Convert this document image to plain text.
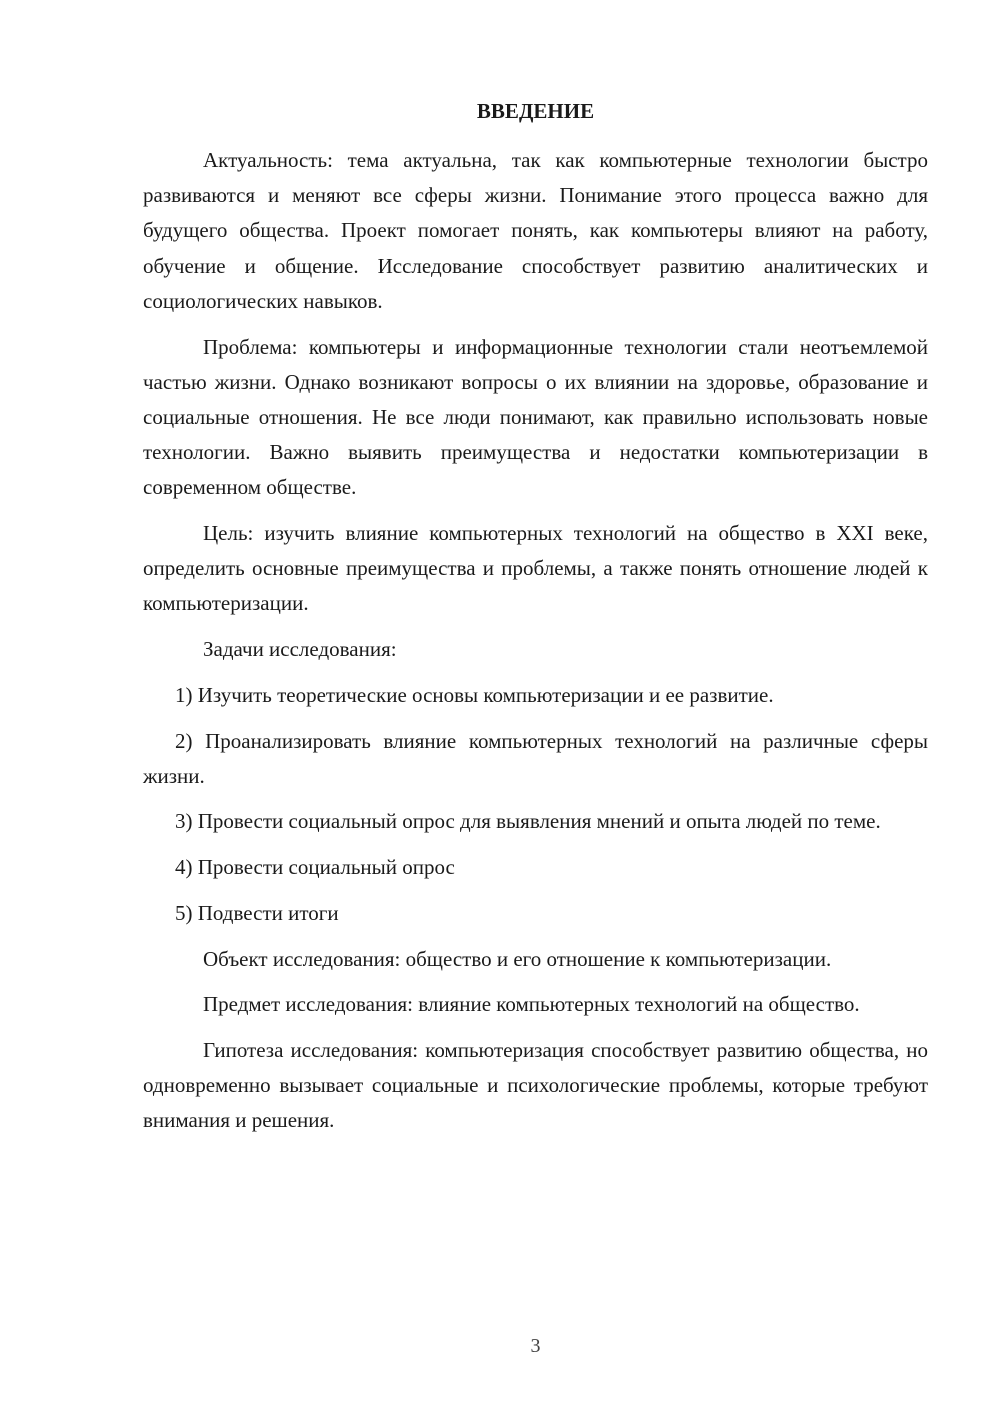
ВВЕДЕНИЕ

Актуальность: тема актуальна, так как компьютерные технологии быстро развиваются и меняют все сферы жизни. Понимание этого процесса важно для будущего общества. Проект помогает понять, как компьютеры влияют на работу, обучение и общение. Исследование способствует развитию аналитических и социологических навыков.

Проблема: компьютеры и информационные технологии стали неотъемлемой частью жизни. Однако возникают вопросы о их влиянии на здоровье, образование и социальные отношения. Не все люди понимают, как правильно использовать новые технологии. Важно выявить преимущества и недостатки компьютеризации в современном обществе.

Цель: изучить влияние компьютерных технологий на общество в XXI веке, определить основные преимущества и проблемы, а также понять отношение людей к компьютеризации.

Задачи исследования:

1) Изучить теоретические основы компьютеризации и ее развитие.

2) Проанализировать влияние компьютерных технологий на различные сферы жизни.

3) Провести социальный опрос для выявления мнений и опыта людей по теме.

4) Провести социальный опрос

5) Подвести итоги

Объект исследования: общество и его отношение к компьютеризации.

Предмет исследования: влияние компьютерных технологий на общество.

Гипотеза исследования: компьютеризация способствует развитию общества, но одновременно вызывает социальные и психологические проблемы, которые требуют внимания и решения.

3
